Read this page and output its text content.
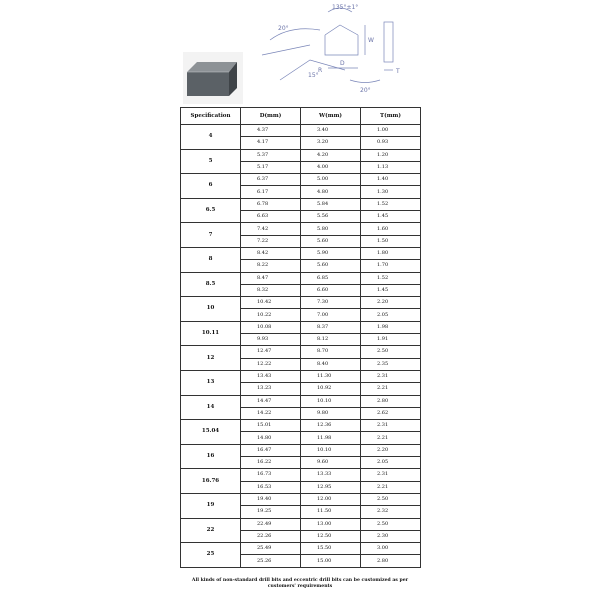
135°±1°
20°
15°
20°
W
D
T
R
Specification	D(mm)	W(mm)	T(mm)
4	4.37	3.40	1.00
	4.17	3.20	0.93
5	5.37	4.20	1.20
	5.17	4.00	1.13
6	6.37	5.00	1.40
	6.17	4.80	1.30
6.5	6.78	5.84	1.52
	6.63	5.56	1.45
7	7.42	5.80	1.60
	7.22	5.60	1.50
8	8.42	5.90	1.80
	8.22	5.60	1.70
8.5	8.47	6.85	1.52
	8.32	6.60	1.45
10	10.42	7.30	2.20
	10.22	7.00	2.05
10.11	10.08	8.37	1.98
	9.93	8.12	1.91
12	12.47	8.70	2.50
	12.22	8.40	2.35
13	13.43	11.30	2.31
	13.23	10.92	2.21
14	14.47	10.10	2.80
	14.22	9.80	2.62
15.04	15.01	12.36	2.31
	14.80	11.98	2.21
16	16.47	10.10	2.20
	16.22	9.60	2.05
16.76	16.73	13.33	2.31
	16.53	12.95	2.21
19	19.40	12.00	2.50
	19.25	11.50	2.32
22	22.49	13.00	2.50
	22.26	12.50	2.30
25	25.49	15.50	3.00
	25.26	15.00	2.80
All kinds of non-standard drill bits and eccentric drill bits can be customized as per customers' requirements
